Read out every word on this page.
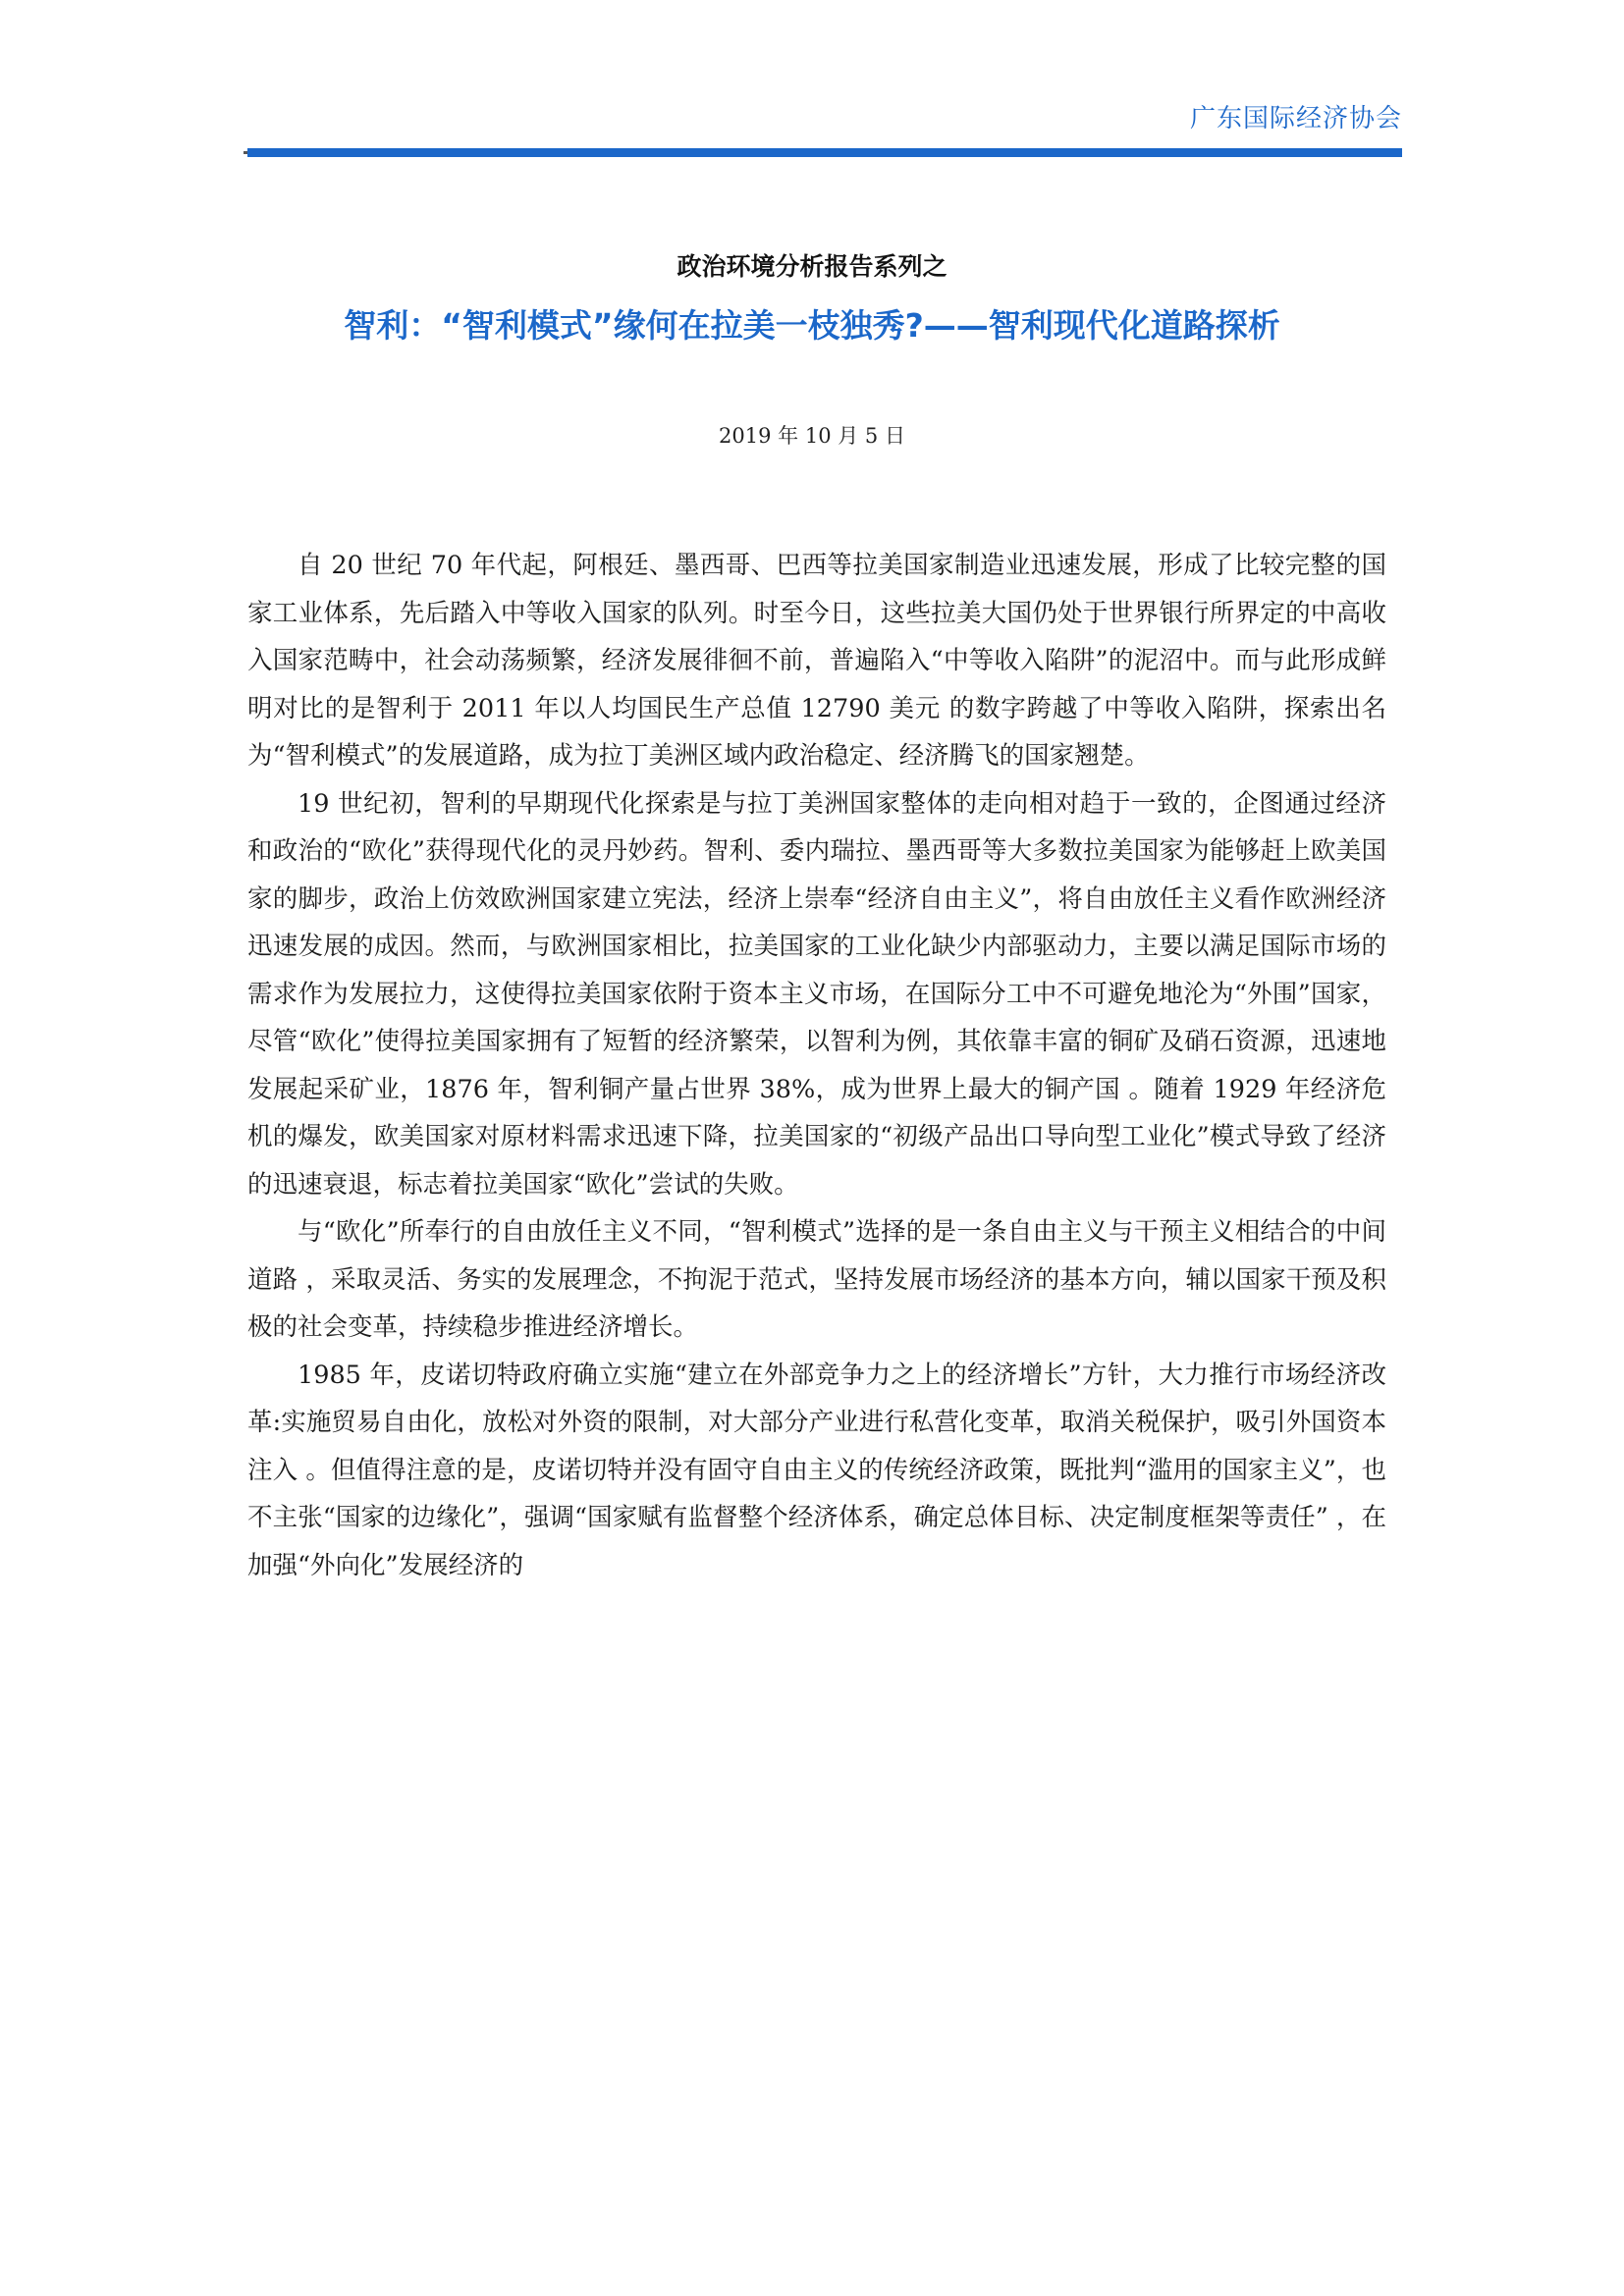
广东国际经济协会
政治环境分析报告系列之
智利：“智利模式”缘何在拉美一枝独秀?——智利现代化道路探析
2019 年 10 月 5 日

自 20 世纪 70 年代起，阿根廷、墨西哥、巴西等拉美国家制造业迅速发展，形成了比较完整的国家工业体系，先后踏入中等收入国家的队列。时至今日，这些拉美大国仍处于世界银行所界定的中高收入国家范畴中，社会动荡频繁，经济发展徘徊不前，普遍陷入“中等收入陷阱”的泥沼中。而与此形成鲜明对比的是智利于 2011 年以人均国民生产总值 12790 美元 的数字跨越了中等收入陷阱，探索出名为“智利模式”的发展道路，成为拉丁美洲区域内政治稳定、经济腾飞的国家翘楚。

19 世纪初，智利的早期现代化探索是与拉丁美洲国家整体的走向相对趋于一致的，企图通过经济和政治的“欧化”获得现代化的灵丹妙药。智利、委内瑞拉、墨西哥等大多数拉美国家为能够赶上欧美国家的脚步，政治上仿效欧洲国家建立宪法，经济上崇奉“经济自由主义”，将自由放任主义看作欧洲经济迅速发展的成因。然而，与欧洲国家相比，拉美国家的工业化缺少内部驱动力，主要以满足国际市场的需求作为发展拉力，这使得拉美国家依附于资本主义市场，在国际分工中不可避免地沦为“外围”国家，尽管“欧化”使得拉美国家拥有了短暂的经济繁荣，以智利为例，其依靠丰富的铜矿及硝石资源，迅速地发展起采矿业，1876 年，智利铜产量占世界 38%，成为世界上最大的铜产国 。随着 1929 年经济危机的爆发，欧美国家对原材料需求迅速下降，拉美国家的“初级产品出口导向型工业化”模式导致了经济的迅速衰退，标志着拉美国家“欧化”尝试的失败。

与“欧化”所奉行的自由放任主义不同，“智利模式”选择的是一条自由主义与干预主义相结合的中间道路 ，采取灵活、务实的发展理念，不拘泥于范式，坚持发展市场经济的基本方向，辅以国家干预及积极的社会变革，持续稳步推进经济增长。

1985 年，皮诺切特政府确立实施“建立在外部竞争力之上的经济增长”方针，大力推行市场经济改革:实施贸易自由化，放松对外资的限制，对大部分产业进行私营化变革，取消关税保护，吸引外国资本注入 。但值得注意的是，皮诺切特并没有固守自由主义的传统经济政策，既批判“滥用的国家主义”，也不主张“国家的边缘化”，强调“国家赋有监督整个经济体系，确定总体目标、决定制度框架等责任” ，在加强“外向化”发展经济的
